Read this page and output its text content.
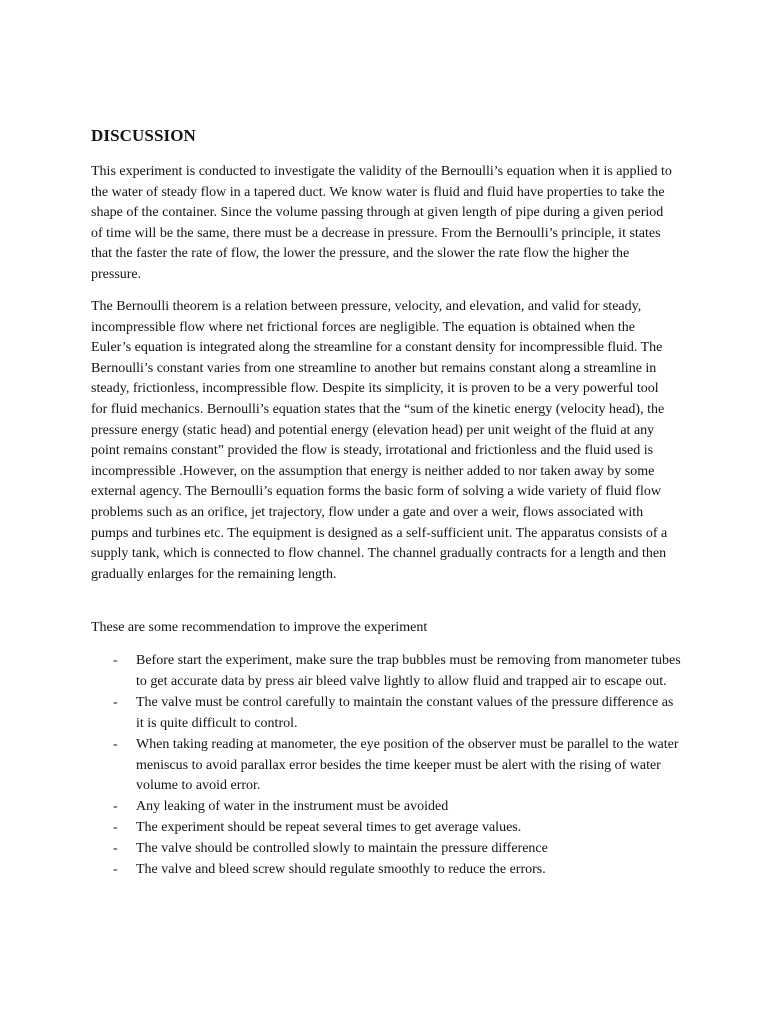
DISCUSSION

This experiment is conducted to investigate the validity of the Bernoulli’s equation when it is applied to the water of steady flow in a tapered duct. We know water is fluid and fluid have properties to take the shape of the container. Since the volume passing through at given length of pipe during a given period of time will be the same, there must be a decrease in pressure. From the Bernoulli’s principle, it states that the faster the rate of flow, the lower the pressure, and the slower the rate flow the higher the pressure.

The Bernoulli theorem is a relation between pressure, velocity, and elevation, and valid for steady, incompressible flow where net frictional forces are negligible. The equation is obtained when the Euler’s equation is integrated along the streamline for a constant density for incompressible fluid. The Bernoulli’s constant varies from one streamline to another but remains constant along a streamline in steady, frictionless, incompressible flow. Despite its simplicity, it is proven to be a very powerful tool for fluid mechanics. Bernoulli’s equation states that the “sum of the kinetic energy (velocity head), the pressure energy (static head) and potential energy (elevation head) per unit weight of the fluid at any point remains constant” provided the flow is steady, irrotational and frictionless and the fluid used is incompressible .However, on the assumption that energy is neither added to nor taken away by some external agency. The Bernoulli’s equation forms the basic form of solving a wide variety of fluid flow problems such as an orifice, jet trajectory, flow under a gate and over a weir, flows associated with pumps and turbines etc. The equipment is designed as a self-sufficient unit. The apparatus consists of a supply tank, which is connected to flow channel. The channel gradually contracts for a length and then gradually enlarges for the remaining length.

These are some recommendation to improve the experiment

- Before start the experiment, make sure the trap bubbles must be removing from manometer tubes to get accurate data by press air bleed valve lightly to allow fluid and trapped air to escape out.
- The valve must be control carefully to maintain the constant values of the pressure difference as it is quite difficult to control.
- When taking reading at manometer, the eye position of the observer must be parallel to the water meniscus to avoid parallax error besides the time keeper must be alert with the rising of water volume to avoid error.
- Any leaking of water in the instrument must be avoided
- The experiment should be repeat several times to get average values.
- The valve should be controlled slowly to maintain the pressure difference
- The valve and bleed screw should regulate smoothly to reduce the errors.
